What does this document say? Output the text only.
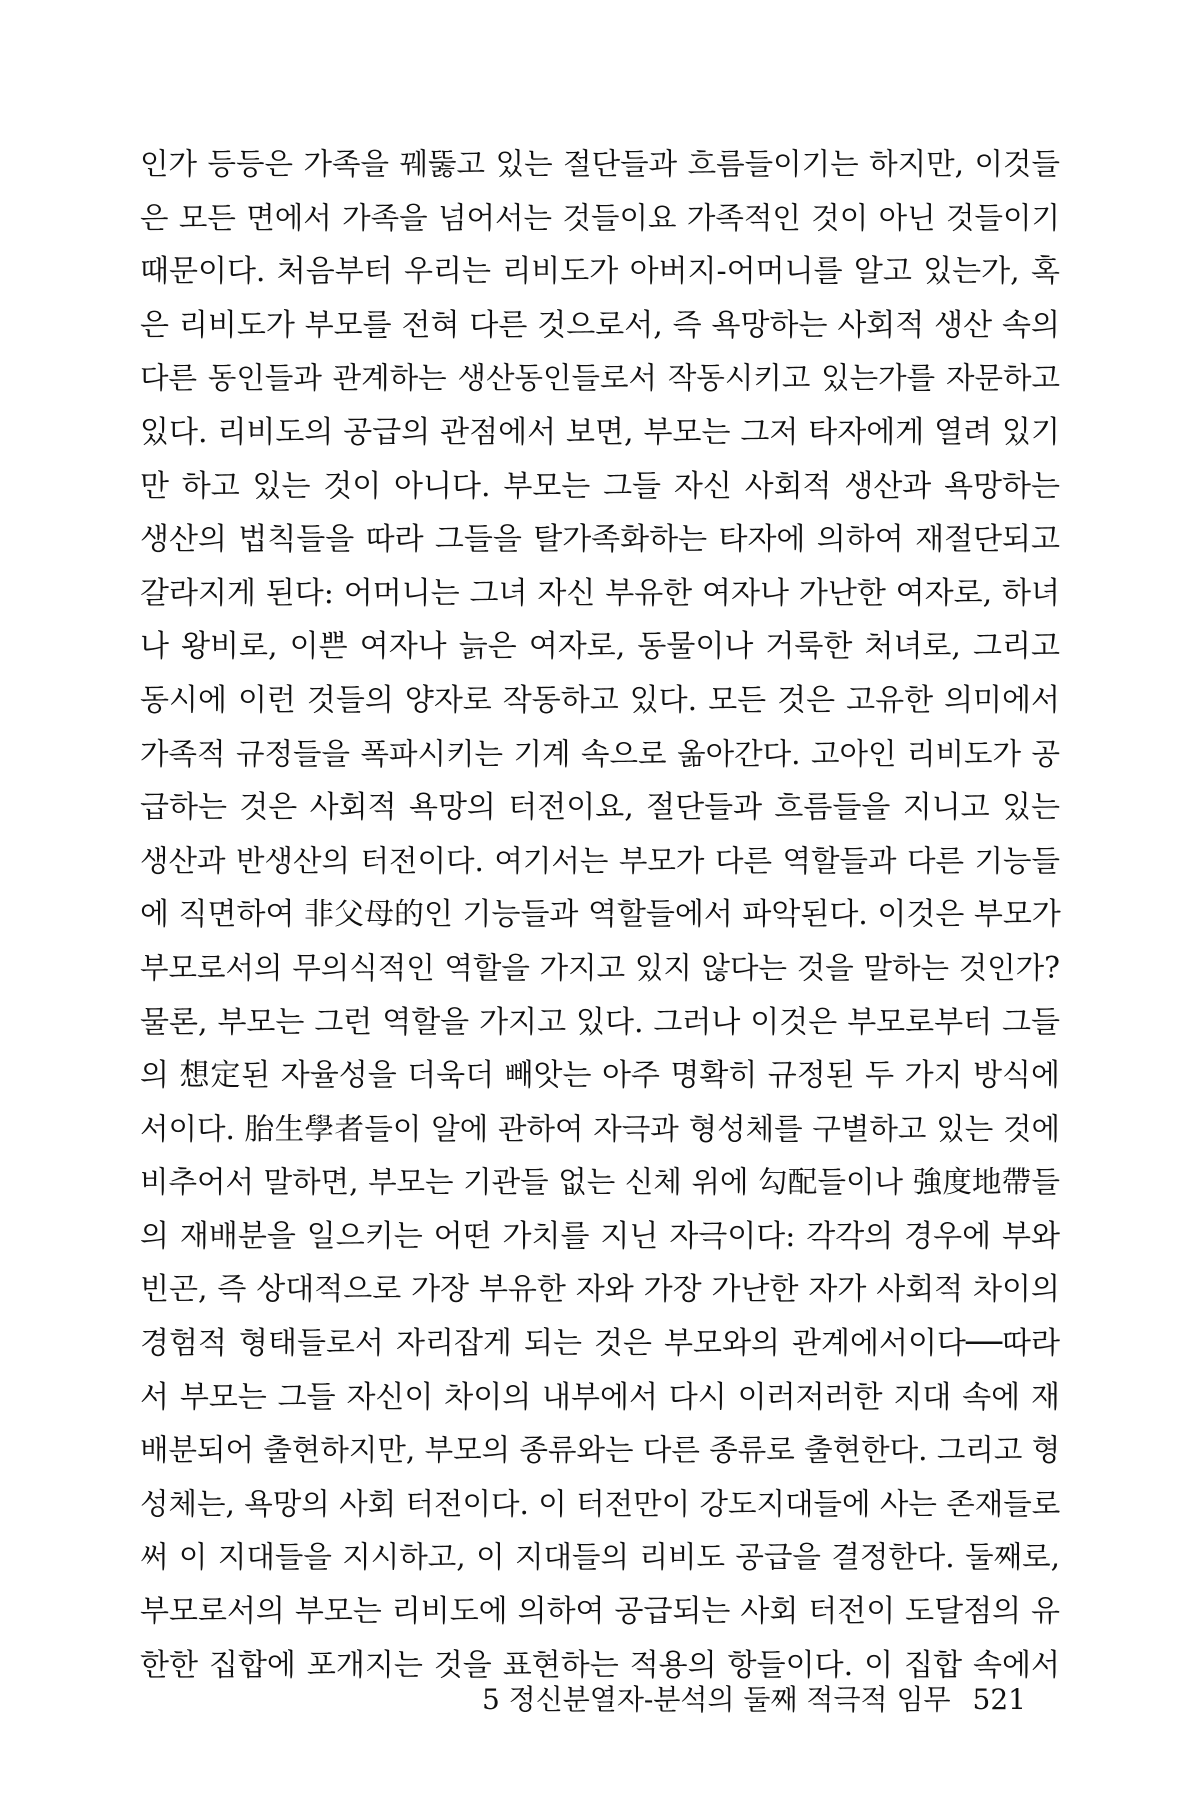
인가 등등은 가족을 꿰뚫고 있는 절단들과 흐름들이기는 하지만, 이것들
은 모든 면에서 가족을 넘어서는 것들이요 가족적인 것이 아닌 것들이기
때문이다. 처음부터 우리는 리비도가 아버지-어머니를 알고 있는가, 혹
은 리비도가 부모를 전혀 다른 것으로서, 즉 욕망하는 사회적 생산 속의
다른 동인들과 관계하는 생산동인들로서 작동시키고 있는가를 자문하고
있다. 리비도의 공급의 관점에서 보면, 부모는 그저 타자에게 열려 있기
만 하고 있는 것이 아니다. 부모는 그들 자신 사회적 생산과 욕망하는
생산의 법칙들을 따라 그들을 탈가족화하는 타자에 의하여 재절단되고
갈라지게 된다: 어머니는 그녀 자신 부유한 여자나 가난한 여자로, 하녀
나 왕비로, 이쁜 여자나 늙은 여자로, 동물이나 거룩한 처녀로, 그리고
동시에 이런 것들의 양자로 작동하고 있다. 모든 것은 고유한 의미에서
가족적 규정들을 폭파시키는 기계 속으로 옮아간다. 고아인 리비도가 공
급하는 것은 사회적 욕망의 터전이요, 절단들과 흐름들을 지니고 있는
생산과 반생산의 터전이다. 여기서는 부모가 다른 역할들과 다른 기능들
에 직면하여 非父母的인 기능들과 역할들에서 파악된다. 이것은 부모가
부모로서의 무의식적인 역할을 가지고 있지 않다는 것을 말하는 것인가?
물론, 부모는 그런 역할을 가지고 있다. 그러나 이것은 부모로부터 그들
의 想定된 자율성을 더욱더 빼앗는 아주 명확히 규정된 두 가지 방식에
서이다. 胎生學者들이 알에 관하여 자극과 형성체를 구별하고 있는 것에
비추어서 말하면, 부모는 기관들 없는 신체 위에 勾配들이나 強度地帶들
의 재배분을 일으키는 어떤 가치를 지닌 자극이다: 각각의 경우에 부와
빈곤, 즉 상대적으로 가장 부유한 자와 가장 가난한 자가 사회적 차이의
경험적 형태들로서 자리잡게 되는 것은 부모와의 관계에서이다──따라
서 부모는 그들 자신이 차이의 내부에서 다시 이러저러한 지대 속에 재
배분되어 출현하지만, 부모의 종류와는 다른 종류로 출현한다. 그리고 형
성체는, 욕망의 사회 터전이다. 이 터전만이 강도지대들에 사는 존재들로
써 이 지대들을 지시하고, 이 지대들의 리비도 공급을 결정한다. 둘째로,
부모로서의 부모는 리비도에 의하여 공급되는 사회 터전이 도달점의 유
한한 집합에 포개지는 것을 표현하는 적용의 항들이다. 이 집합 속에서
5 정신분열자-분석의 둘째 적극적 임무 521
